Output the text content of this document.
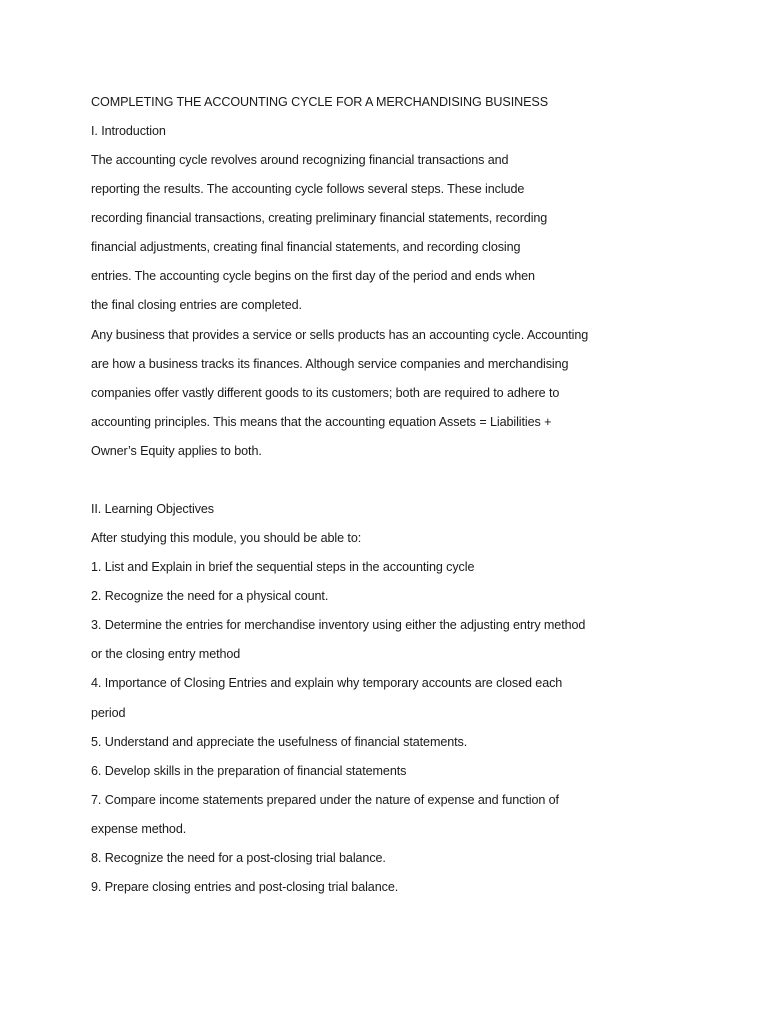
COMPLETING THE ACCOUNTING CYCLE FOR A MERCHANDISING BUSINESS

I. Introduction

The accounting cycle revolves around recognizing financial transactions and

reporting the results. The accounting cycle follows several steps. These include

recording financial transactions, creating preliminary financial statements, recording

financial adjustments, creating final financial statements, and recording closing

entries. The accounting cycle begins on the first day of the period and ends when

the final closing entries are completed.

Any business that provides a service or sells products has an accounting cycle. Accounting

are how a business tracks its finances. Although service companies and merchandising

companies offer vastly different goods to its customers; both are required to adhere to

accounting principles. This means that the accounting equation Assets = Liabilities +

Owner’s Equity applies to both.

II. Learning Objectives

After studying this module, you should be able to:

1. List and Explain in brief the sequential steps in the accounting cycle

2. Recognize the need for a physical count.

3. Determine the entries for merchandise inventory using either the adjusting entry method

or the closing entry method

4. Importance of Closing Entries and explain why temporary accounts are closed each

period

5. Understand and appreciate the usefulness of financial statements.

6. Develop skills in the preparation of financial statements

7. Compare income statements prepared under the nature of expense and function of

expense method.

8. Recognize the need for a post-closing trial balance.

9. Prepare closing entries and post-closing trial balance.
